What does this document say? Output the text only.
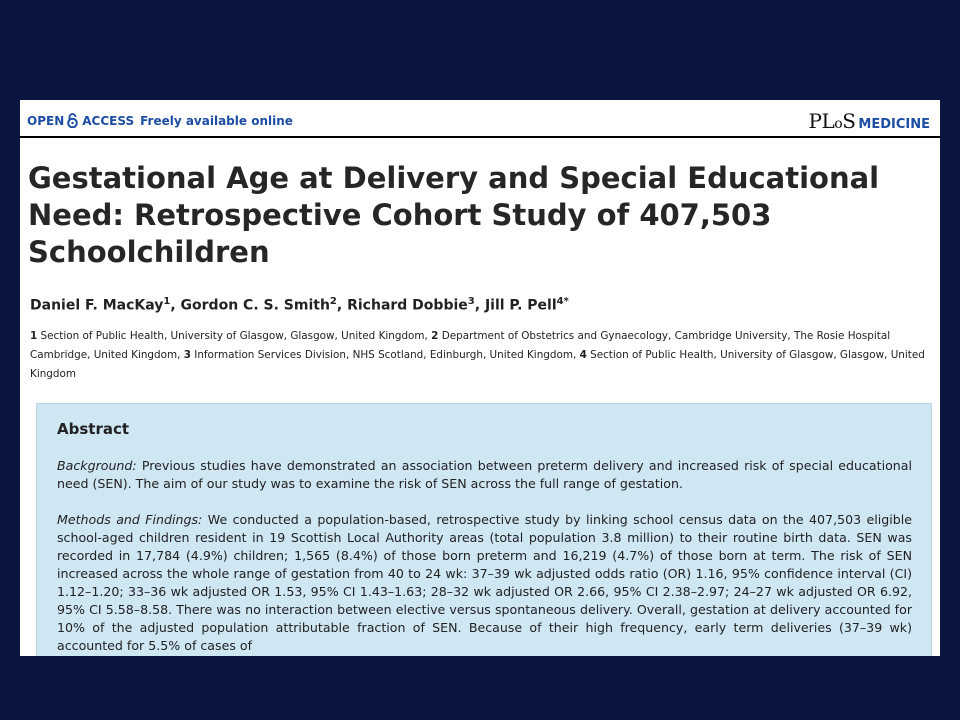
OPEN ACCESS Freely available online	PLoS MEDICINE
Gestational Age at Delivery and Special Educational Need: Retrospective Cohort Study of 407,503 Schoolchildren
Daniel F. MacKay$^1$, Gordon C. S. Smith$^2$, Richard Dobbie$^3$, Jill P. Pell$^{4*}$
1 Section of Public Health, University of Glasgow, Glasgow, United Kingdom, 2 Department of Obstetrics and Gynaecology, Cambridge University, The Rosie Hospital Cambridge, United Kingdom, 3 Information Services Division, NHS Scotland, Edinburgh, United Kingdom, 4 Section of Public Health, University of Glasgow, Glasgow, United Kingdom
Abstract

Background: Previous studies have demonstrated an association between preterm delivery and increased risk of special educational need (SEN). The aim of our study was to examine the risk of SEN across the full range of gestation.

Methods and Findings: We conducted a population-based, retrospective study by linking school census data on the 407,503 eligible school-aged children resident in 19 Scottish Local Authority areas (total population 3.8 million) to their routine birth data. SEN was recorded in 17,784 (4.9%) children; 1,565 (8.4%) of those born preterm and 16,219 (4.7%) of those born at term. The risk of SEN increased across the whole range of gestation from 40 to 24 wk: 37–39 wk adjusted odds ratio (OR) 1.16, 95% confidence interval (CI) 1.12–1.20; 33–36 wk adjusted OR 1.53, 95% CI 1.43–1.63; 28–32 wk adjusted OR 2.66, 95% CI 2.38–2.97; 24–27 wk adjusted OR 6.92, 95% CI 5.58–8.58. There was no interaction between elective versus spontaneous delivery. Overall, gestation at delivery accounted for 10% of the adjusted population attributable fraction of SEN. Because of their high frequency, early term deliveries (37–39 wk) accounted for 5.5% of cases of
